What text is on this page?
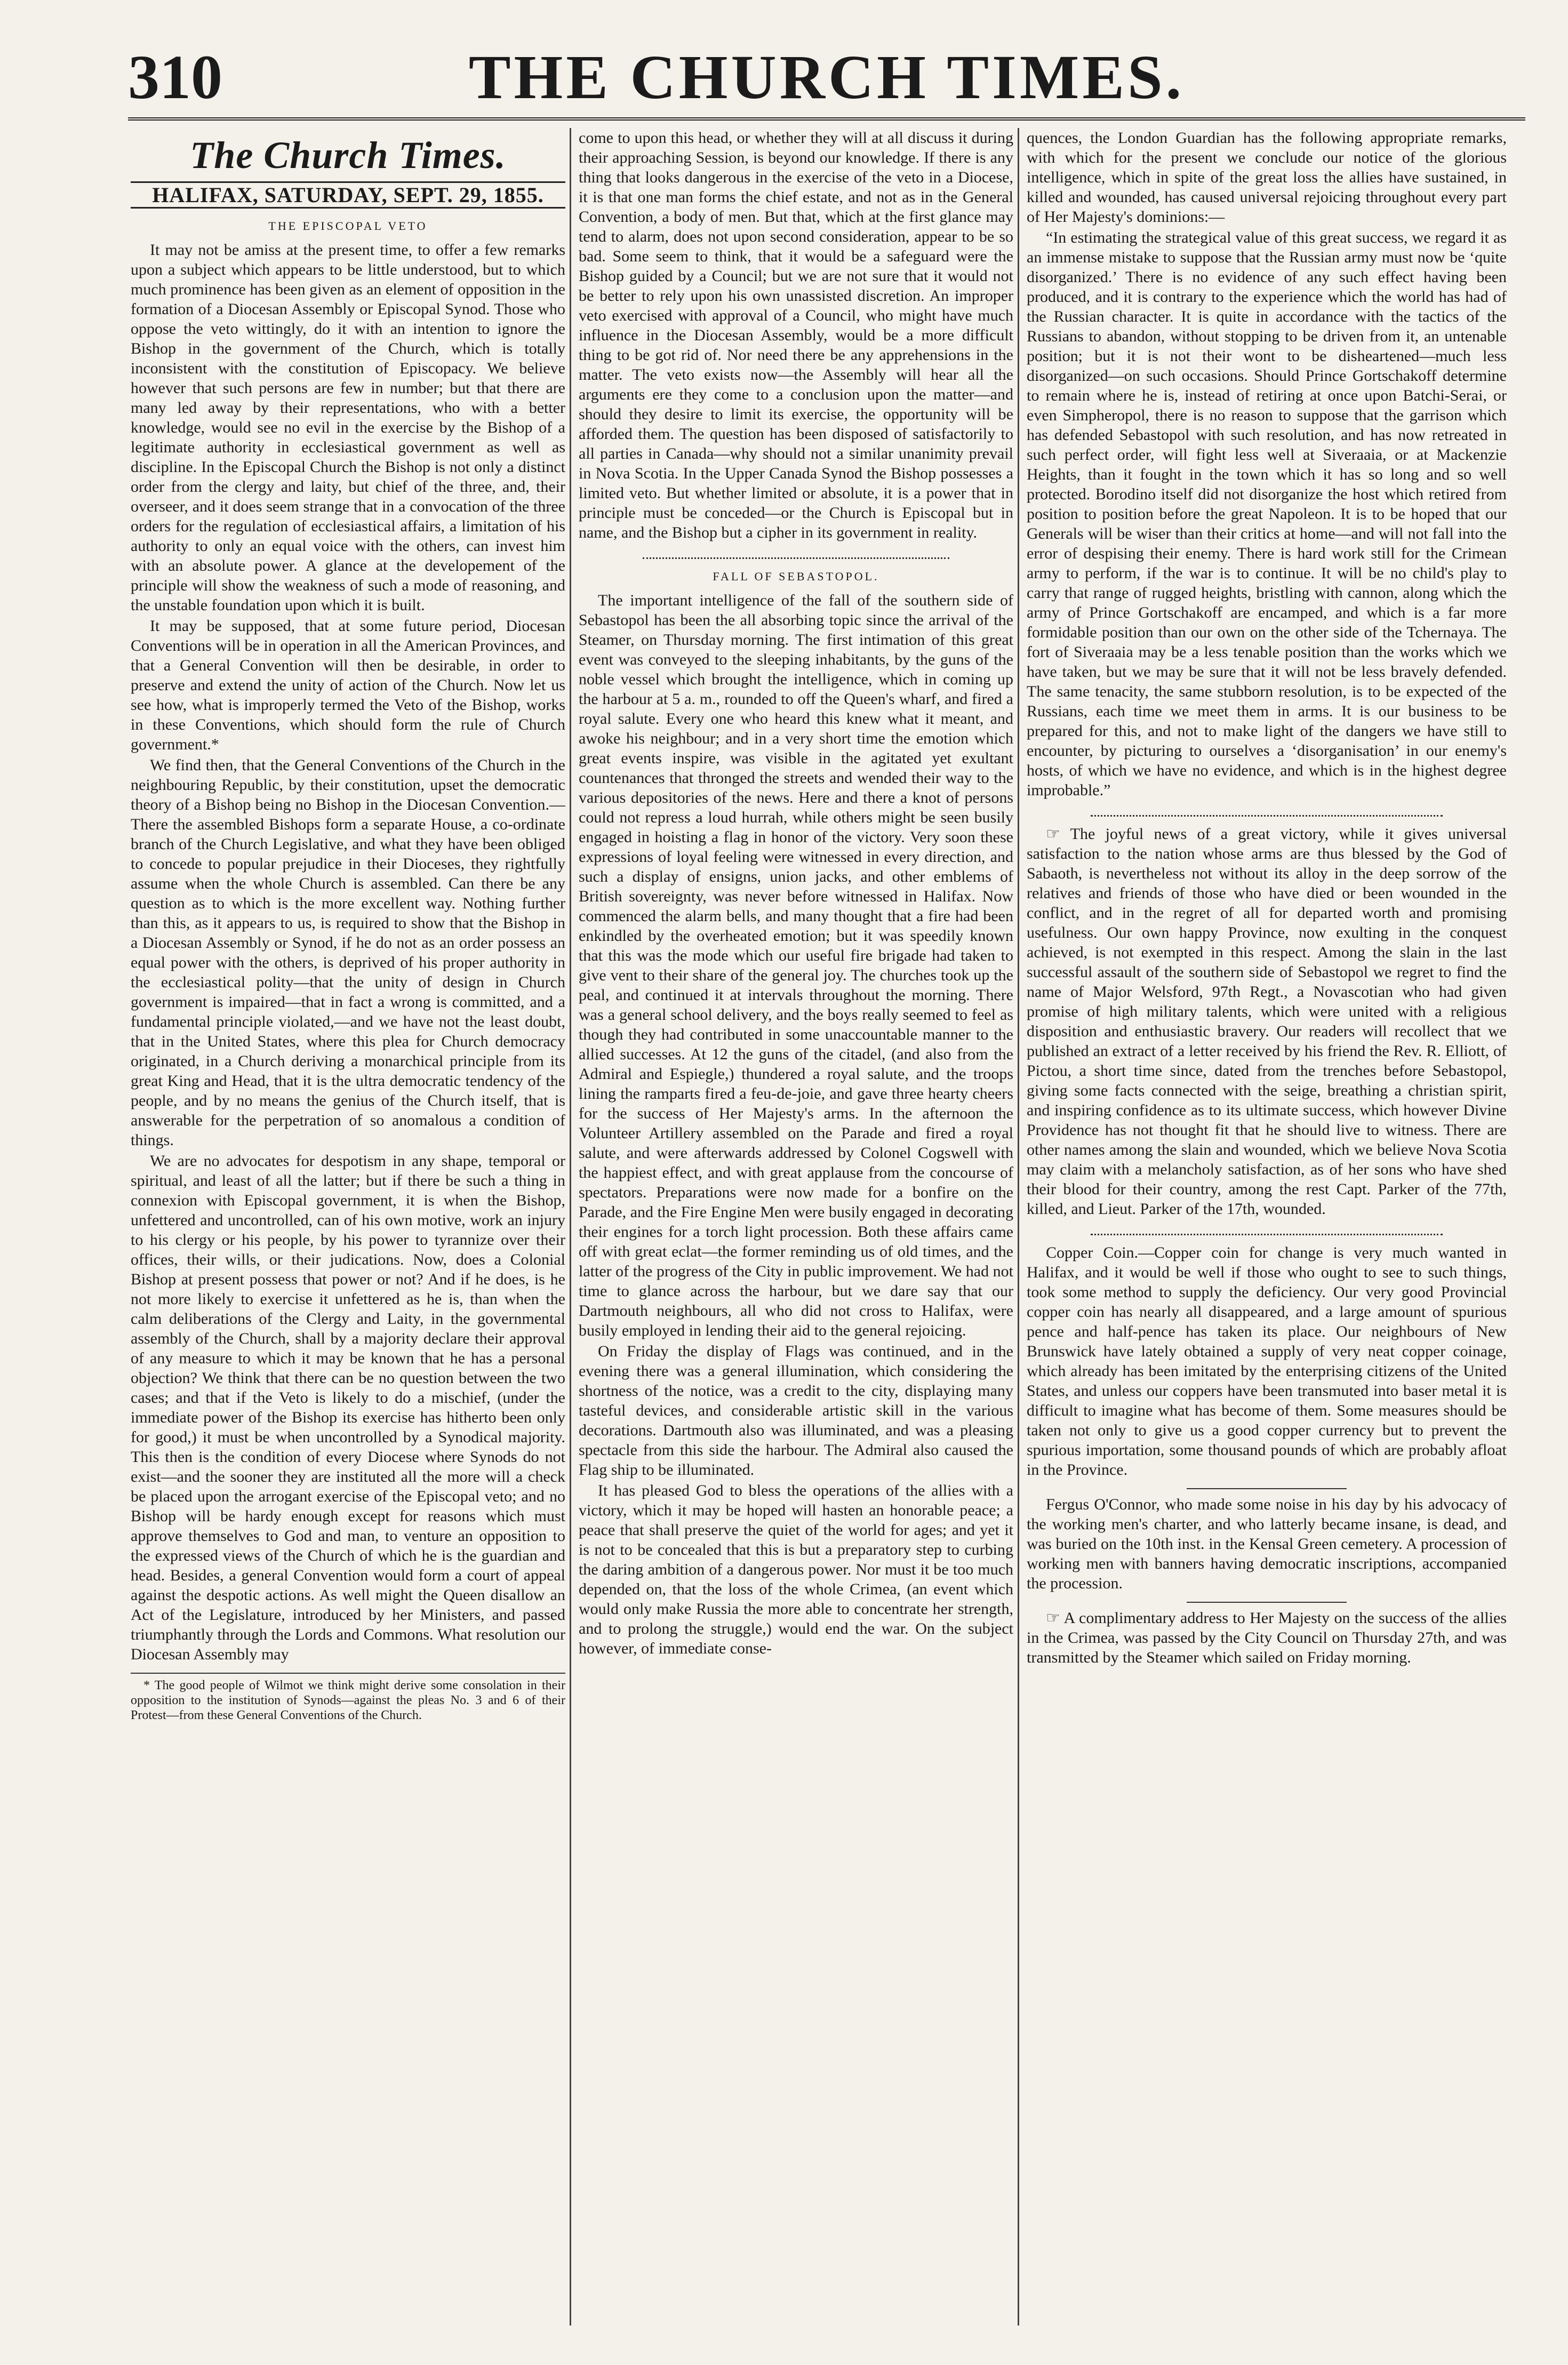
310	THE CHURCH TIMES.
The Church Times.
HALIFAX, SATURDAY, SEPT. 29, 1855.
THE EPISCOPAL VETO

It may not be amiss at the present time, to offer a few remarks upon a subject which appears to be little understood, but to which much prominence has been given as an element of opposition in the formation of a Diocesan Assembly or Episcopal Synod. Those who oppose the veto wittingly, do it with an intention to ignore the Bishop in the government of the Church, which is totally inconsistent with the constitution of Episcopacy. We believe however that such persons are few in number; but that there are many led away by their representations, who with a better knowledge, would see no evil in the exercise by the Bishop of a legitimate authority in ecclesiastical government as well as discipline. In the Episcopal Church the Bishop is not only a distinct order from the clergy and laity, but chief of the three, and, their overseer, and it does seem strange that in a convocation of the three orders for the regulation of ecclesiastical affairs, a limitation of his authority to only an equal voice with the others, can invest him with an absolute power. A glance at the developement of the principle will show the weakness of such a mode of reasoning, and the unstable foundation upon which it is built.

It may be supposed, that at some future period, Diocesan Conventions will be in operation in all the American Provinces, and that a General Convention will then be desirable, in order to preserve and extend the unity of action of the Church. Now let us see how, what is improperly termed the Veto of the Bishop, works in these Conventions, which should form the rule of Church government.*

We find then, that the General Conventions of the Church in the neighbouring Republic, by their constitution, upset the democratic theory of a Bishop being no Bishop in the Diocesan Convention.— There the assembled Bishops form a separate House, a co-ordinate branch of the Church Legislative, and what they have been obliged to concede to popular prejudice in their Dioceses, they rightfully assume when the whole Church is assembled. Can there be any question as to which is the more excellent way. Nothing further than this, as it appears to us, is required to show that the Bishop in a Diocesan Assembly or Synod, if he do not as an order possess an equal power with the others, is deprived of his proper authority in the ecclesiastical polity—that the unity of design in Church government is impaired—that in fact a wrong is committed, and a fundamental principle violated,—and we have not the least doubt, that in the United States, where this plea for Church democracy originated, in a Church deriving a monarchical principle from its great King and Head, that it is the ultra democratic tendency of the people, and by no means the genius of the Church itself, that is answerable for the perpetration of so anomalous a condition of things.

We are no advocates for despotism in any shape, temporal or spiritual, and least of all the latter; but if there be such a thing in connexion with Episcopal government, it is when the Bishop, unfettered and uncontrolled, can of his own motive, work an injury to his clergy or his people, by his power to tyrannize over their offices, their wills, or their judications. Now, does a Colonial Bishop at present possess that power or not? And if he does, is he not more likely to exercise it unfettered as he is, than when the calm deliberations of the Clergy and Laity, in the governmental assembly of the Church, shall by a majority declare their approval of any measure to which it may be known that he has a personal objection? We think that there can be no question between the two cases; and that if the Veto is likely to do a mischief, (under the immediate power of the Bishop its exercise has hitherto been only for good,) it must be when uncontrolled by a Synodical majority. This then is the condition of every Diocese where Synods do not exist—and the sooner they are instituted all the more will a check be placed upon the arrogant exercise of the Episcopal veto; and no Bishop will be hardy enough except for reasons which must approve themselves to God and man, to venture an opposition to the expressed views of the Church of which he is the guardian and head. Besides, a general Convention would form a court of appeal against the despotic actions. As well might the Queen disallow an Act of the Legislature, introduced by her Ministers, and passed triumphantly through the Lords and Commons. What resolution our Diocesan Assembly may

* The good people of Wilmot we think might derive some consolation in their opposition to the institution of Synods—against the pleas No. 3 and 6 of their Protest—from these General Conventions of the Church.

come to upon this head, or whether they will at all discuss it during their approaching Session, is beyond our knowledge. If there is any thing that looks dangerous in the exercise of the veto in a Diocese, it is that one man forms the chief estate, and not as in the General Convention, a body of men. But that, which at the first glance may tend to alarm, does not upon second consideration, appear to be so bad. Some seem to think, that it would be a safeguard were the Bishop guided by a Council; but we are not sure that it would not be better to rely upon his own unassisted discretion. An improper veto exercised with approval of a Council, who might have much influence in the Diocesan Assembly, would be a more difficult thing to be got rid of. Nor need there be any apprehensions in the matter. The veto exists now—the Assembly will hear all the arguments ere they come to a conclusion upon the matter—and should they desire to limit its exercise, the opportunity will be afforded them. The question has been disposed of satisfactorily to all parties in Canada—why should not a similar unanimity prevail in Nova Scotia. In the Upper Canada Synod the Bishop possesses a limited veto. But whether limited or absolute, it is a power that in principle must be conceded—or the Church is Episcopal but in name, and the Bishop but a cipher in its government in reality.

FALL OF SEBASTOPOL.

The important intelligence of the fall of the southern side of Sebastopol has been the all absorbing topic since the arrival of the Steamer, on Thursday morning. The first intimation of this great event was conveyed to the sleeping inhabitants, by the guns of the noble vessel which brought the intelligence, which in coming up the harbour at 5 a. m., rounded to off the Queen's wharf, and fired a royal salute. Every one who heard this knew what it meant, and awoke his neighbour; and in a very short time the emotion which great events inspire, was visible in the agitated yet exultant countenances that thronged the streets and wended their way to the various depositories of the news. Here and there a knot of persons could not repress a loud hurrah, while others might be seen busily engaged in hoisting a flag in honor of the victory. Very soon these expressions of loyal feeling were witnessed in every direction, and such a display of ensigns, union jacks, and other emblems of British sovereignty, was never before witnessed in Halifax. Now commenced the alarm bells, and many thought that a fire had been enkindled by the overheated emotion; but it was speedily known that this was the mode which our useful fire brigade had taken to give vent to their share of the general joy. The churches took up the peal, and continued it at intervals throughout the morning. There was a general school delivery, and the boys really seemed to feel as though they had contributed in some unaccountable manner to the allied successes. At 12 the guns of the citadel, (and also from the Admiral and Espiegle,) thundered a royal salute, and the troops lining the ramparts fired a feu-de-joie, and gave three hearty cheers for the success of Her Majesty's arms. In the afternoon the Volunteer Artillery assembled on the Parade and fired a royal salute, and were afterwards addressed by Colonel Cogswell with the happiest effect, and with great applause from the concourse of spectators. Preparations were now made for a bonfire on the Parade, and the Fire Engine Men were busily engaged in decorating their engines for a torch light procession. Both these affairs came off with great eclat—the former reminding us of old times, and the latter of the progress of the City in public improvement. We had not time to glance across the harbour, but we dare say that our Dartmouth neighbours, all who did not cross to Halifax, were busily employed in lending their aid to the general rejoicing.

On Friday the display of Flags was continued, and in the evening there was a general illumination, which considering the shortness of the notice, was a credit to the city, displaying many tasteful devices, and considerable artistic skill in the various decorations. Dartmouth also was illuminated, and was a pleasing spectacle from this side the harbour. The Admiral also caused the Flag ship to be illuminated.

It has pleased God to bless the operations of the allies with a victory, which it may be hoped will hasten an honorable peace; a peace that shall preserve the quiet of the world for ages; and yet it is not to be concealed that this is but a preparatory step to curbing the daring ambition of a dangerous power. Nor must it be too much depended on, that the loss of the whole Crimea, (an event which would only make Russia the more able to concentrate her strength, and to prolong the struggle,) would end the war. On the subject however, of immediate conse-

quences, the London Guardian has the following appropriate remarks, with which for the present we conclude our notice of the glorious intelligence, which in spite of the great loss the allies have sustained, in killed and wounded, has caused universal rejoicing throughout every part of Her Majesty's dominions:—

“In estimating the strategical value of this great success, we regard it as an immense mistake to suppose that the Russian army must now be ‘quite disorganized.’ There is no evidence of any such effect having been produced, and it is contrary to the experience which the world has had of the Russian character. It is quite in accordance with the tactics of the Russians to abandon, without stopping to be driven from it, an untenable position; but it is not their wont to be disheartened—much less disorganized—on such occasions. Should Prince Gortschakoff determine to remain where he is, instead of retiring at once upon Batchi-Serai, or even Simpheropol, there is no reason to suppose that the garrison which has defended Sebastopol with such resolution, and has now retreated in such perfect order, will fight less well at Siveraaia, or at Mackenzie Heights, than it fought in the town which it has so long and so well protected. Borodino itself did not disorganize the host which retired from position to position before the great Napoleon. It is to be hoped that our Generals will be wiser than their critics at home—and will not fall into the error of despising their enemy. There is hard work still for the Crimean army to perform, if the war is to continue. It will be no child's play to carry that range of rugged heights, bristling with cannon, along which the army of Prince Gortschakoff are encamped, and which is a far more formidable position than our own on the other side of the Tchernaya. The fort of Siveraaia may be a less tenable position than the works which we have taken, but we may be sure that it will not be less bravely defended. The same tenacity, the same stubborn resolution, is to be expected of the Russians, each time we meet them in arms. It is our business to be prepared for this, and not to make light of the dangers we have still to encounter, by picturing to ourselves a ‘disorganisation’ in our enemy's hosts, of which we have no evidence, and which is in the highest degree improbable.”

☞ The joyful news of a great victory, while it gives universal satisfaction to the nation whose arms are thus blessed by the God of Sabaoth, is nevertheless not without its alloy in the deep sorrow of the relatives and friends of those who have died or been wounded in the conflict, and in the regret of all for departed worth and promising usefulness. Our own happy Province, now exulting in the conquest achieved, is not exempted in this respect. Among the slain in the last successful assault of the southern side of Sebastopol we regret to find the name of Major Welsford, 97th Regt., a Novascotian who had given promise of high military talents, which were united with a religious disposition and enthusiastic bravery. Our readers will recollect that we published an extract of a letter received by his friend the Rev. R. Elliott, of Pictou, a short time since, dated from the trenches before Sebastopol, giving some facts connected with the seige, breathing a christian spirit, and inspiring confidence as to its ultimate success, which however Divine Providence has not thought fit that he should live to witness. There are other names among the slain and wounded, which we believe Nova Scotia may claim with a melancholy satisfaction, as of her sons who have shed their blood for their country, among the rest Capt. Parker of the 77th, killed, and Lieut. Parker of the 17th, wounded.

Copper Coin.—Copper coin for change is very much wanted in Halifax, and it would be well if those who ought to see to such things, took some method to supply the deficiency. Our very good Provincial copper coin has nearly all disappeared, and a large amount of spurious pence and half-pence has taken its place. Our neighbours of New Brunswick have lately obtained a supply of very neat copper coinage, which already has been imitated by the enterprising citizens of the United States, and unless our coppers have been transmuted into baser metal it is difficult to imagine what has become of them. Some measures should be taken not only to give us a good copper currency but to prevent the spurious importation, some thousand pounds of which are probably afloat in the Province.

Fergus O'Connor, who made some noise in his day by his advocacy of the working men's charter, and who latterly became insane, is dead, and was buried on the 10th inst. in the Kensal Green cemetery. A procession of working men with banners having democratic inscriptions, accompanied the procession.

☞ A complimentary address to Her Majesty on the success of the allies in the Crimea, was passed by the City Council on Thursday 27th, and was transmitted by the Steamer which sailed on Friday morning.
